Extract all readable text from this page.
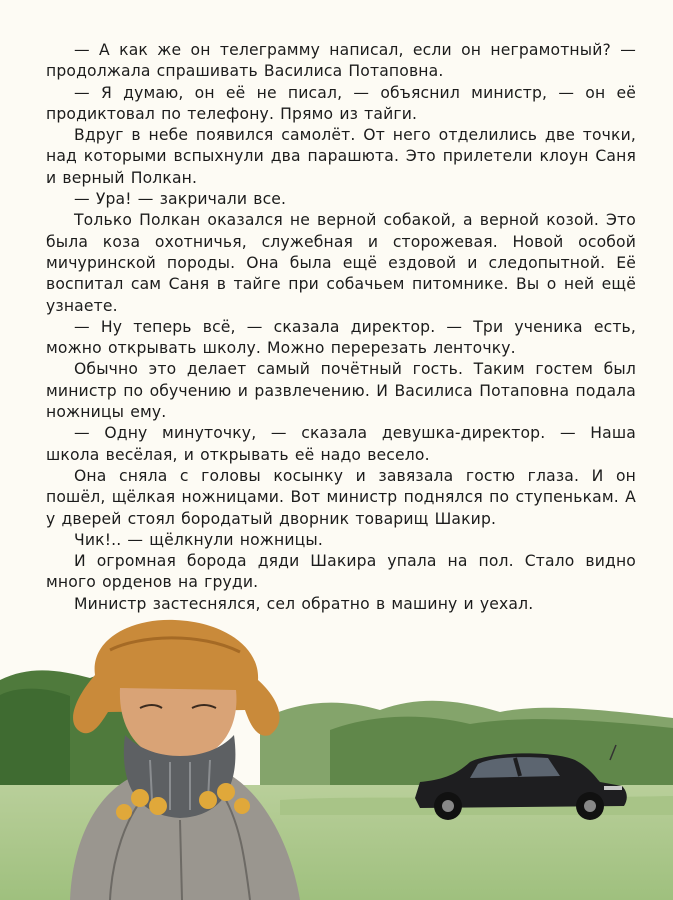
— А как же он телеграмму написал, если он неграмотный? — продолжала спрашивать Василиса Потаповна.

— Я думаю, он её не писал, — объяснил министр, — он её продиктовал по телефону. Прямо из тайги.

Вдруг в небе появился самолёт. От него отделились две точки, над которыми вспыхнули два парашюта. Это прилетели клоун Саня и верный Полкан.

— Ура! — закричали все.

Только Полкан оказался не верной собакой, а верной козой. Это была коза охотничья, служебная и сторожевая. Новой особой мичуринской породы. Она была ещё ездовой и следопытной. Её воспитал сам Саня в тайге при собачьем питомнике. Вы о ней ещё узнаете.

— Ну теперь всё, — сказала директор. — Три ученика есть, можно открывать школу. Можно перерезать ленточку.

Обычно это делает самый почётный гость. Таким гостем был министр по обучению и развлечению. И Василиса Потаповна подала ножницы ему.

— Одну минуточку, — сказала девушка-директор. — Наша школа весёлая, и открывать её надо весело.

Она сняла с головы косынку и завязала гостю глаза. И он пошёл, щёлкая ножницами. Вот министр поднялся по ступенькам. А у дверей стоял бородатый дворник товарищ Шакир.

Чик!.. — щёлкнули ножницы.

И огромная борода дяди Шакира упала на пол. Стало видно много орденов на груди.

Министр застеснялся, сел обратно в машину и уехал.
